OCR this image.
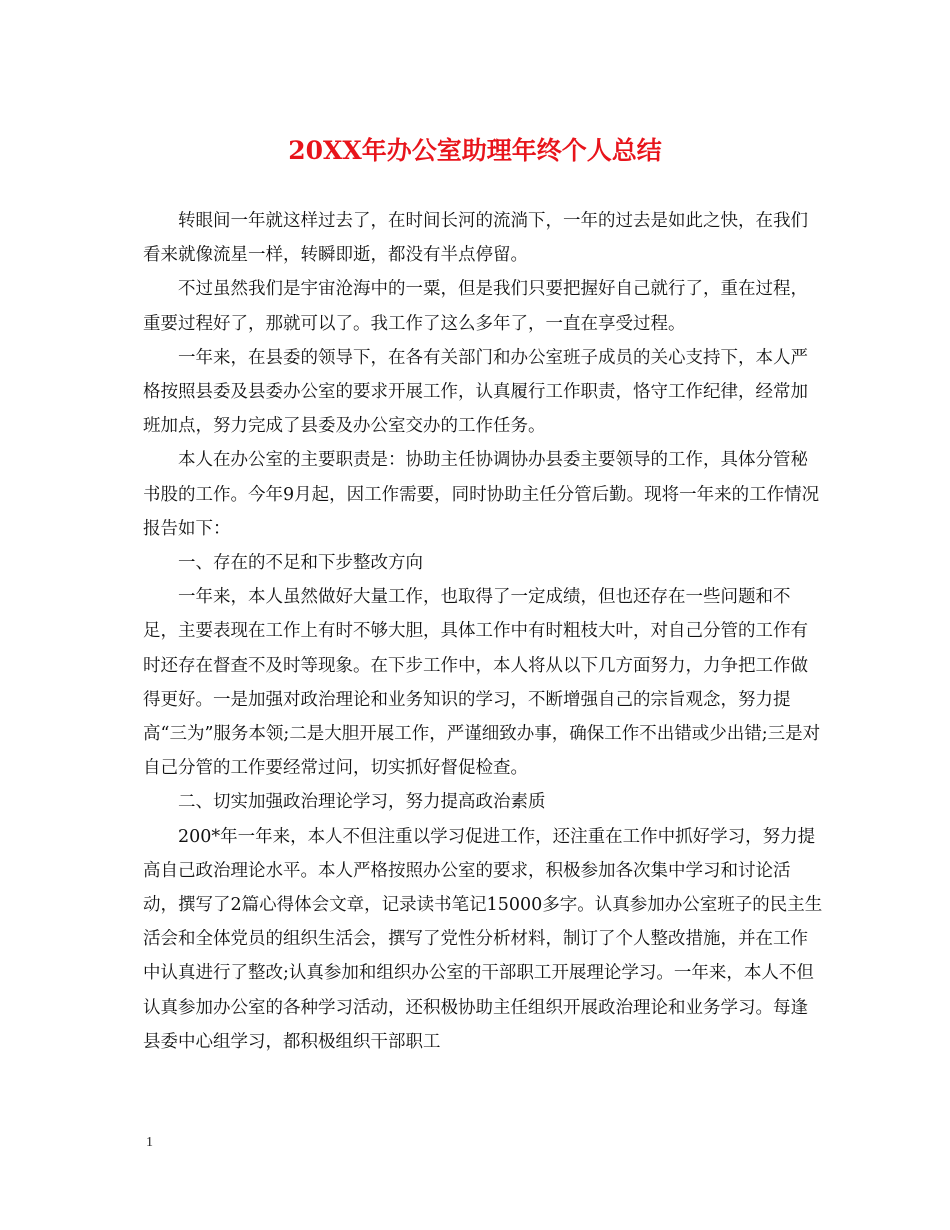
20XX年办公室助理年终个人总结

转眼间一年就这样过去了，在时间长河的流淌下，一年的过去是如此之快，在我们看来就像流星一样，转瞬即逝，都没有半点停留。

不过虽然我们是宇宙沧海中的一粟，但是我们只要把握好自己就行了，重在过程，重要过程好了，那就可以了。我工作了这么多年了，一直在享受过程。

一年来，在县委的领导下，在各有关部门和办公室班子成员的关心支持下，本人严格按照县委及县委办公室的要求开展工作，认真履行工作职责，恪守工作纪律，经常加班加点，努力完成了县委及办公室交办的工作任务。

本人在办公室的主要职责是：协助主任协调协办县委主要领导的工作，具体分管秘书股的工作。今年9月起，因工作需要，同时协助主任分管后勤。现将一年来的工作情况报告如下：

一、存在的不足和下步整改方向

一年来，本人虽然做好大量工作，也取得了一定成绩，但也还存在一些问题和不足，主要表现在工作上有时不够大胆，具体工作中有时粗枝大叶，对自己分管的工作有时还存在督查不及时等现象。在下步工作中，本人将从以下几方面努力，力争把工作做得更好。一是加强对政治理论和业务知识的学习，不断增强自己的宗旨观念，努力提高“三为”服务本领;二是大胆开展工作，严谨细致办事，确保工作不出错或少出错;三是对自己分管的工作要经常过问，切实抓好督促检查。

二、切实加强政治理论学习，努力提高政治素质

200*年一年来，本人不但注重以学习促进工作，还注重在工作中抓好学习，努力提高自己政治理论水平。本人严格按照办公室的要求，积极参加各次集中学习和讨论活动，撰写了2篇心得体会文章，记录读书笔记15000多字。认真参加办公室班子的民主生活会和全体党员的组织生活会，撰写了党性分析材料，制订了个人整改措施，并在工作中认真进行了整改;认真参加和组织办公室的干部职工开展理论学习。一年来，本人不但认真参加办公室的各种学习活动，还积极协助主任组织开展政治理论和业务学习。每逢县委中心组学习，都积极组织干部职工

1
